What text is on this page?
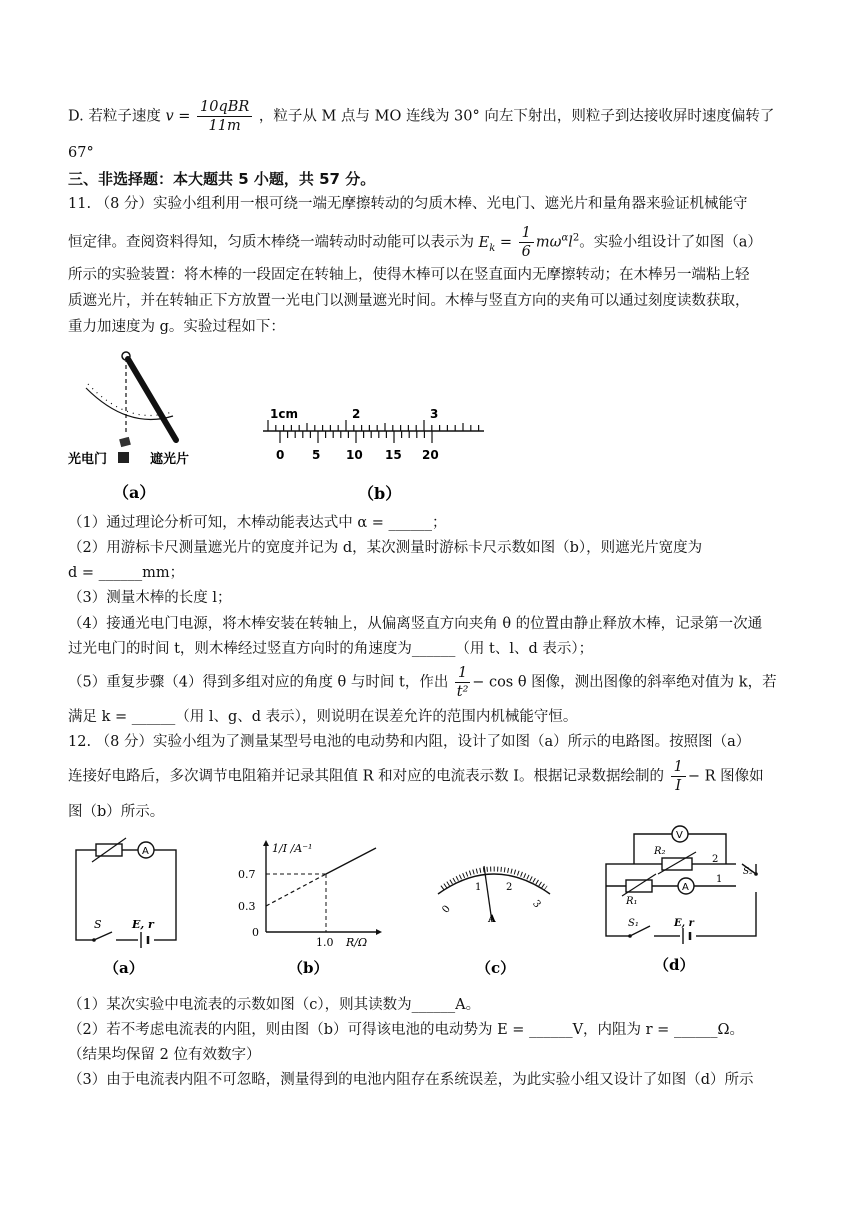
D. 若粒子速度 $v = \frac{\text{10qBR}}{11m}$ ，粒子从 M 点与 MO 连线为 30° 向左下射出，则粒子到达接收屏时速度偏转了
67°
三、非选择题：本大题共 5 小题，共 57 分。
11. （8 分）实验小组利用一根可绕一端无摩擦转动的匀质木棒、光电门、遮光片和量角器来验证机械能守
恒定律。查阅资料得知，匀质木棒绕一端转动时动能可以表示为 $E_k = \frac{1}{6} m\omega^\alpha l^2$。实验小组设计了如图（a）
所示的实验装置：将木棒的一段固定在转轴上，使得木棒可以在竖直面内无摩擦转动；在木棒另一端粘上轻
质遮光片，并在转轴正下方放置一光电门以测量遮光时间。木棒与竖直方向的夹角可以通过刻度读数获取，
重力加速度为 g。实验过程如下：
光电门	遮光片
（a）
1cm	2	3
0 5 10 15 20
（b）
（1）通过理论分析可知，木棒动能表达式中 α = ______；
（2）用游标卡尺测量遮光片的宽度并记为 d，某次测量时游标卡尺示数如图（b），则遮光片宽度为
d = ______mm；
（3）测量木棒的长度 l；
（4）接通光电门电源，将木棒安装在转轴上，从偏离竖直方向夹角 θ 的位置由静止释放木棒，记录第一次通
过光电门的时间 t，则木棒经过竖直方向时的角速度为______（用 t、l、d 表示）；
（5）重复步骤（4）得到多组对应的角度 θ 与时间 t，作出 $\frac{1}{\text{t²}} - \cos \theta$ 图像，测出图像的斜率绝对值为 k，若
满足 k = ______（用 l、g、d 表示），则说明在误差允许的范围内机械能守恒。
12. （8 分）实验小组为了测量某型号电池的电动势和内阻，设计了如图（a）所示的电路图。按照图（a）
连接好电路后，多次调节电阻箱并记录其阻值 R 和对应的电流表示数 I。根据记录数据绘制的 $\frac{1}{I} - R$ 图像如
图（b）所示。
A
S	E, r
（a）
1/I /A⁻¹
0.7
0.3
0
1.0 R/Ω
（b）
0
1 2
3
A
（c）
V
R₂
R₁
A
2
1
S₂
S₁	E, r
（d）
（1）某次实验中电流表的示数如图（c），则其读数为______A。
（2）若不考虑电流表的内阻，则由图（b）可得该电池的电动势为 E = ______V，内阻为 r = ______Ω。
（结果均保留 2 位有效数字）
（3）由于电流表内阻不可忽略，测量得到的电池内阻存在系统误差，为此实验小组又设计了如图（d）所示
